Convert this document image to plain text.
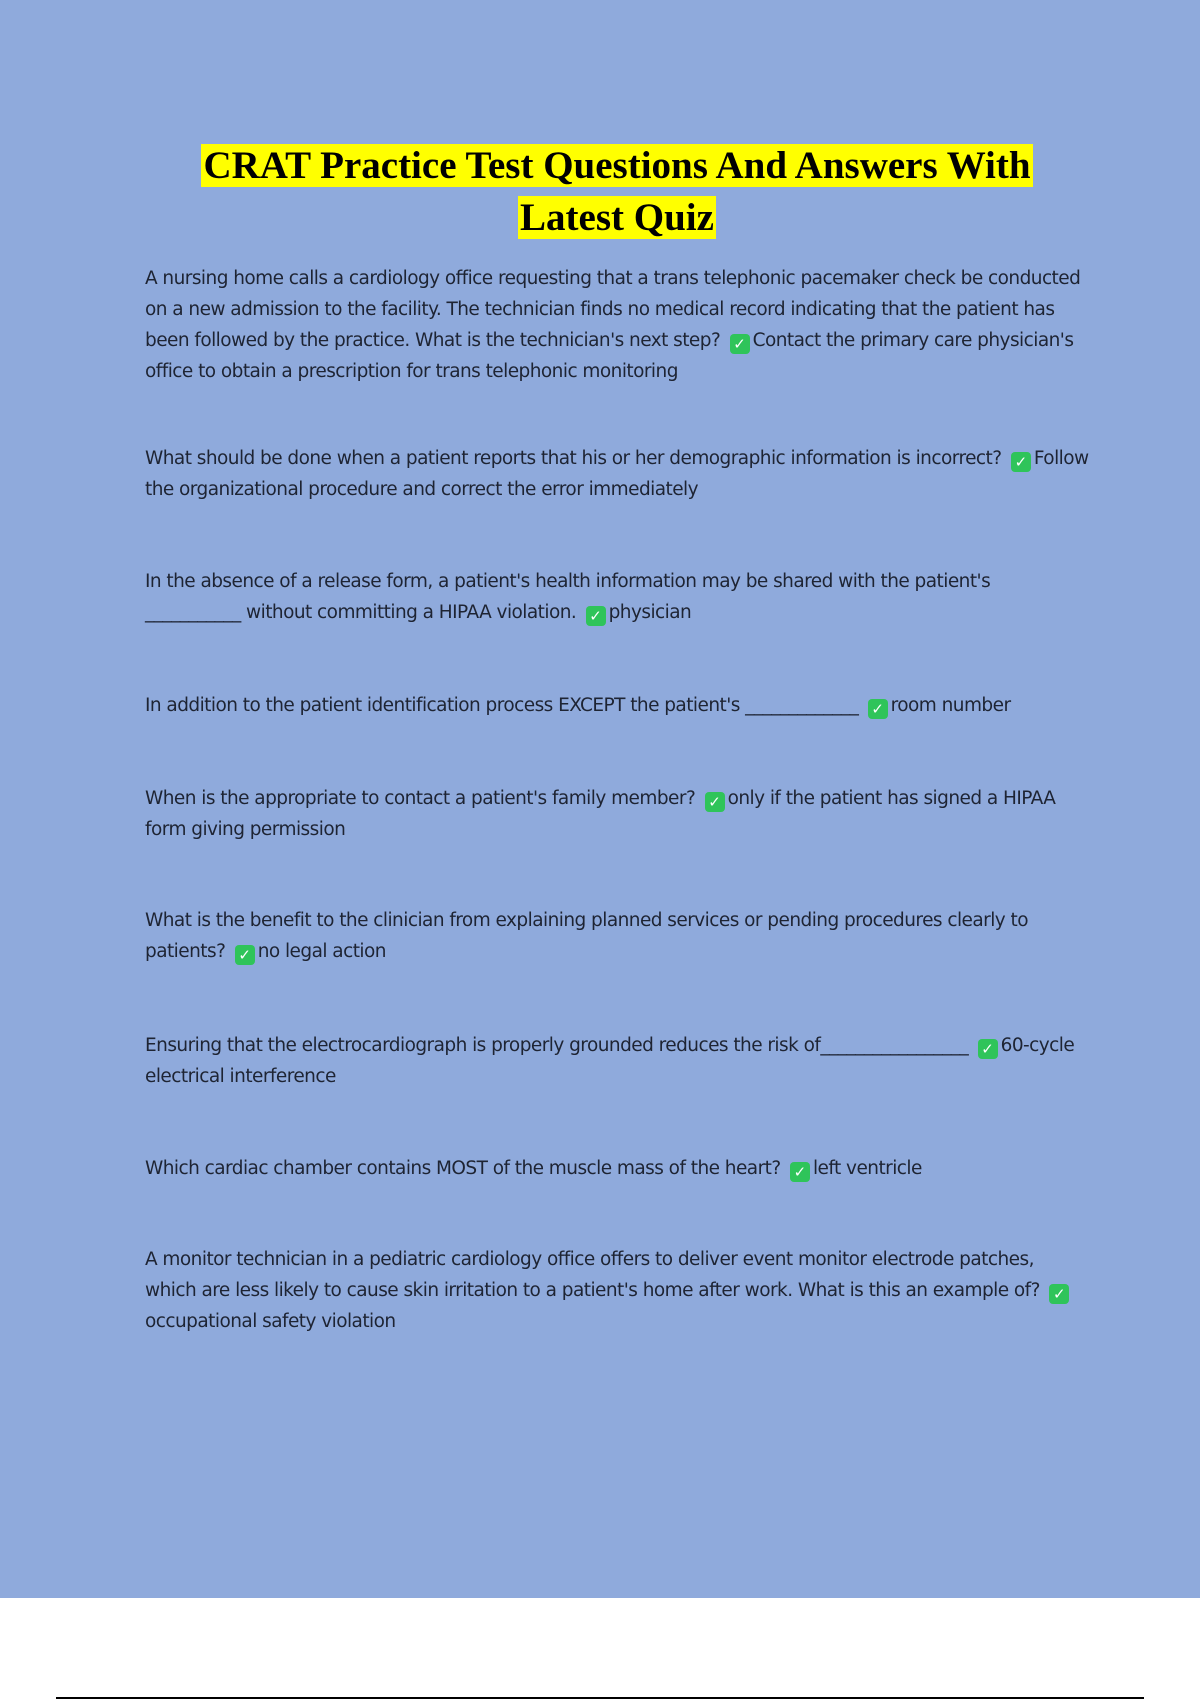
CRAT Practice Test Questions And Answers With
Latest Quiz

A nursing home calls a cardiology office requesting that a trans telephonic pacemaker check be conducted on a new admission to the facility. The technician finds no medical record indicating that the patient has been followed by the practice. What is the technician's next step? ✓ Contact the primary care physician's office to obtain a prescription for trans telephonic monitoring

What should be done when a patient reports that his or her demographic information is incorrect? ✓ Follow the organizational procedure and correct the error immediately

In the absence of a release form, a patient's health information may be shared with the patient's ___________ without committing a HIPAA violation. ✓ physician

In addition to the patient identification process EXCEPT the patient's _____________ ✓ room number

When is the appropriate to contact a patient's family member? ✓ only if the patient has signed a HIPAA form giving permission

What is the benefit to the clinician from explaining planned services or pending procedures clearly to patients? ✓ no legal action

Ensuring that the electrocardiograph is properly grounded reduces the risk of_________________ ✓ 60-cycle electrical interference

Which cardiac chamber contains MOST of the muscle mass of the heart? ✓ left ventricle

A monitor technician in a pediatric cardiology office offers to deliver event monitor electrode patches, which are less likely to cause skin irritation to a patient's home after work. What is this an example of? ✓occupational safety violation
